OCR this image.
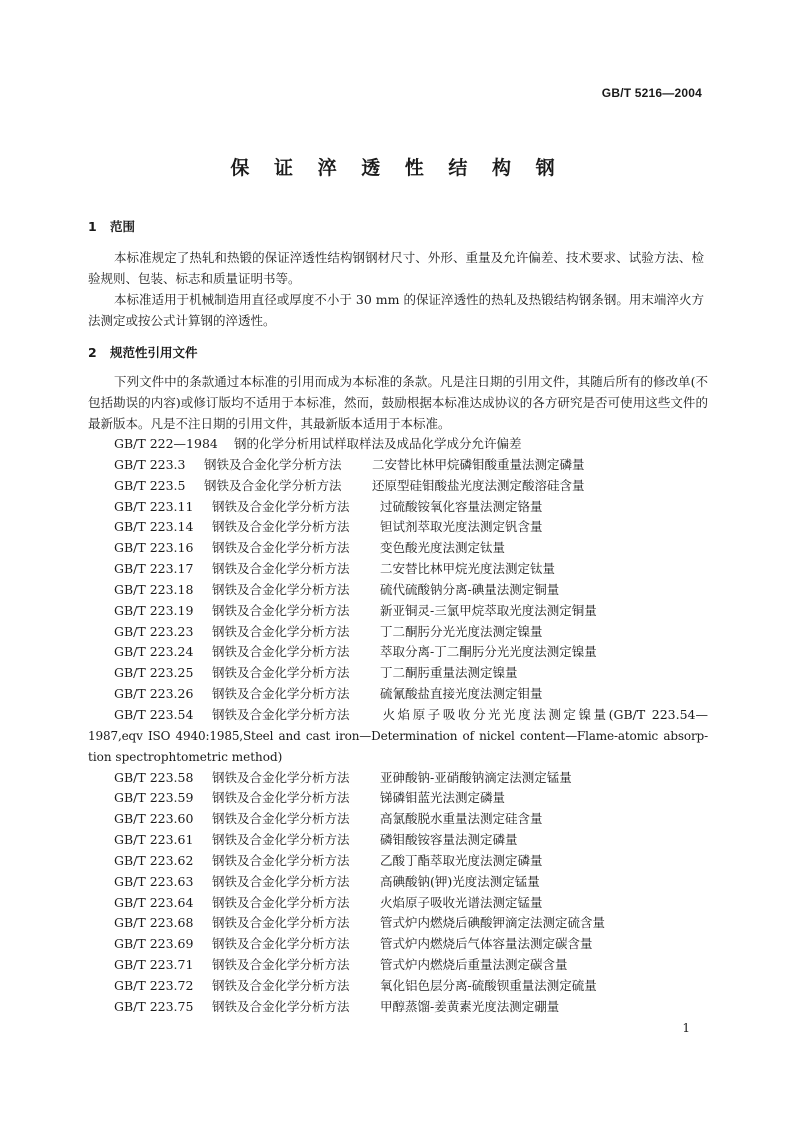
GB/T 5216—2004
保 证 淬 透 性 结 构 钢
1 范围
本标准规定了热轧和热锻的保证淬透性结构钢钢材尺寸、外形、重量及允许偏差、技术要求、试验方法、检验规则、包装、标志和质量证明书等。
本标准适用于机械制造用直径或厚度不小于 30 mm 的保证淬透性的热轧及热锻结构钢条钢。用末端淬火方法测定或按公式计算钢的淬透性。
2 规范性引用文件
下列文件中的条款通过本标准的引用而成为本标准的条款。凡是注日期的引用文件，其随后所有的修改单(不包括勘误的内容)或修订版均不适用于本标准，然而，鼓励根据本标准达成协议的各方研究是否可使用这些文件的最新版本。凡是不注日期的引用文件，其最新版本适用于本标准。
GB/T 222—1984 钢的化学分析用试样取样法及成品化学成分允许偏差
GB/T 223.3 钢铁及合金化学分析方法 二安替比林甲烷磷钼酸重量法测定磷量
GB/T 223.5 钢铁及合金化学分析方法 还原型硅钼酸盐光度法测定酸溶硅含量
GB/T 223.11 钢铁及合金化学分析方法 过硫酸铵氧化容量法测定铬量
GB/T 223.14 钢铁及合金化学分析方法 钽试剂萃取光度法测定钒含量
GB/T 223.16 钢铁及合金化学分析方法 变色酸光度法测定钛量
GB/T 223.17 钢铁及合金化学分析方法 二安替比林甲烷光度法测定钛量
GB/T 223.18 钢铁及合金化学分析方法 硫代硫酸钠分离-碘量法测定铜量
GB/T 223.19 钢铁及合金化学分析方法 新亚铜灵-三氯甲烷萃取光度法测定铜量
GB/T 223.23 钢铁及合金化学分析方法 丁二酮肟分光光度法测定镍量
GB/T 223.24 钢铁及合金化学分析方法 萃取分离-丁二酮肟分光光度法测定镍量
GB/T 223.25 钢铁及合金化学分析方法 丁二酮肟重量法测定镍量
GB/T 223.26 钢铁及合金化学分析方法 硫氰酸盐直接光度法测定钼量
GB/T 223.54 钢铁及合金化学分析方法 火焰原子吸收分光光度法测定镍量(GB/T 223.54—
1987,eqv ISO 4940:1985,Steel and cast iron—Determination of nickel content—Flame-atomic absorp-
tion spectrophtometric method)
GB/T 223.58 钢铁及合金化学分析方法 亚砷酸钠-亚硝酸钠滴定法测定锰量
GB/T 223.59 钢铁及合金化学分析方法 锑磷钼蓝光法测定磷量
GB/T 223.60 钢铁及合金化学分析方法 高氯酸脱水重量法测定硅含量
GB/T 223.61 钢铁及合金化学分析方法 磷钼酸铵容量法测定磷量
GB/T 223.62 钢铁及合金化学分析方法 乙酸丁酯萃取光度法测定磷量
GB/T 223.63 钢铁及合金化学分析方法 高碘酸钠(钾)光度法测定锰量
GB/T 223.64 钢铁及合金化学分析方法 火焰原子吸收光谱法测定锰量
GB/T 223.68 钢铁及合金化学分析方法 管式炉内燃烧后碘酸钾滴定法测定硫含量
GB/T 223.69 钢铁及合金化学分析方法 管式炉内燃烧后气体容量法测定碳含量
GB/T 223.71 钢铁及合金化学分析方法 管式炉内燃烧后重量法测定碳含量
GB/T 223.72 钢铁及合金化学分析方法 氧化铝色层分离-硫酸钡重量法测定硫量
GB/T 223.75 钢铁及合金化学分析方法 甲醇蒸馏-姜黄素光度法测定硼量
1
